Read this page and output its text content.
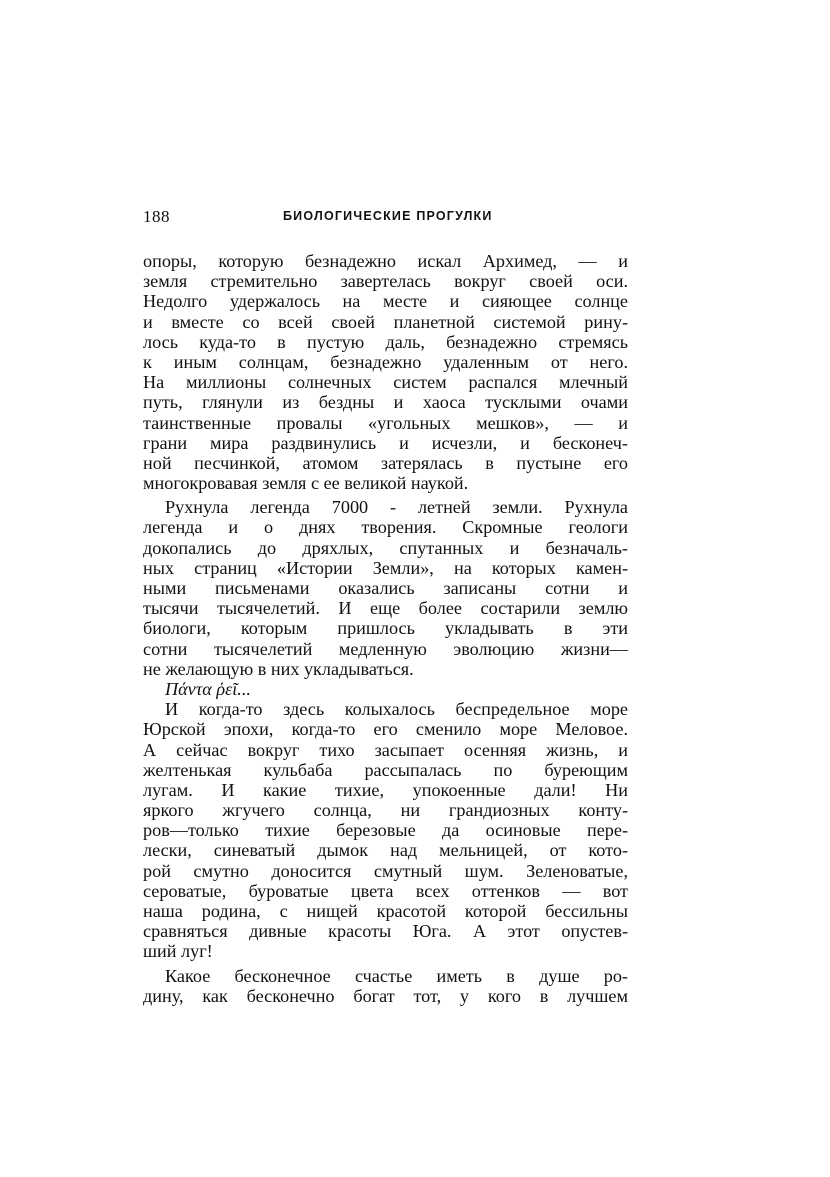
188	БИОЛОГИЧЕСКИЕ ПРОГУЛКИ
опоры, которую безнадежно искал Архимед, — и
земля стремительно завертелась вокруг своей оси.
Недолго удержалось на месте и сияющее солнце
и вместе со всей своей планетной системой рину-
лось куда-то в пустую даль, безнадежно стремясь
к иным солнцам, безнадежно удаленным от него.
На миллионы солнечных систем распался млечный
путь, глянули из бездны и хаоса тусклыми очами
таинственные провалы «угольных мешков», — и
грани мира раздвинулись и исчезли, и бесконеч-
ной песчинкой, атомом затерялась в пустыне его
многокровавая земля с ее великой наукой.
Рухнула легенда 7000 - летней земли. Рухнула
легенда и о днях творения. Скромные геологи
докопались до дряхлых, спутанных и безначаль-
ных страниц «Истории Земли», на которых камен-
ными письменами оказались записаны сотни и
тысячи тысячелетий. И еще более состарили землю
биологи, которым пришлось укладывать в эти
сотни тысячелетий медленную эволюцию жизни—
не желающую в них укладываться.
Πάντα ῥεῖ...
И когда-то здесь колыхалось беспредельное море
Юрской эпохи, когда-то его сменило море Меловое.
А сейчас вокруг тихо засыпает осенняя жизнь, и
желтенькая кульбаба рассыпалась по буреющим
лугам. И какие тихие, упокоенные дали! Ни
яркого жгучего солнца, ни грандиозных конту-
ров—только тихие березовые да осиновые пере-
лески, синеватый дымок над мельницей, от кото-
рой смутно доносится смутный шум. Зеленоватые,
сероватые, буроватые цвета всех оттенков — вот
наша родина, с нищей красотой которой бессильны
сравняться дивные красоты Юга. А этот опустев-
ший луг!
Какое бесконечное счастье иметь в душе ро-
дину, как бесконечно богат тот, у кого в лучшем
